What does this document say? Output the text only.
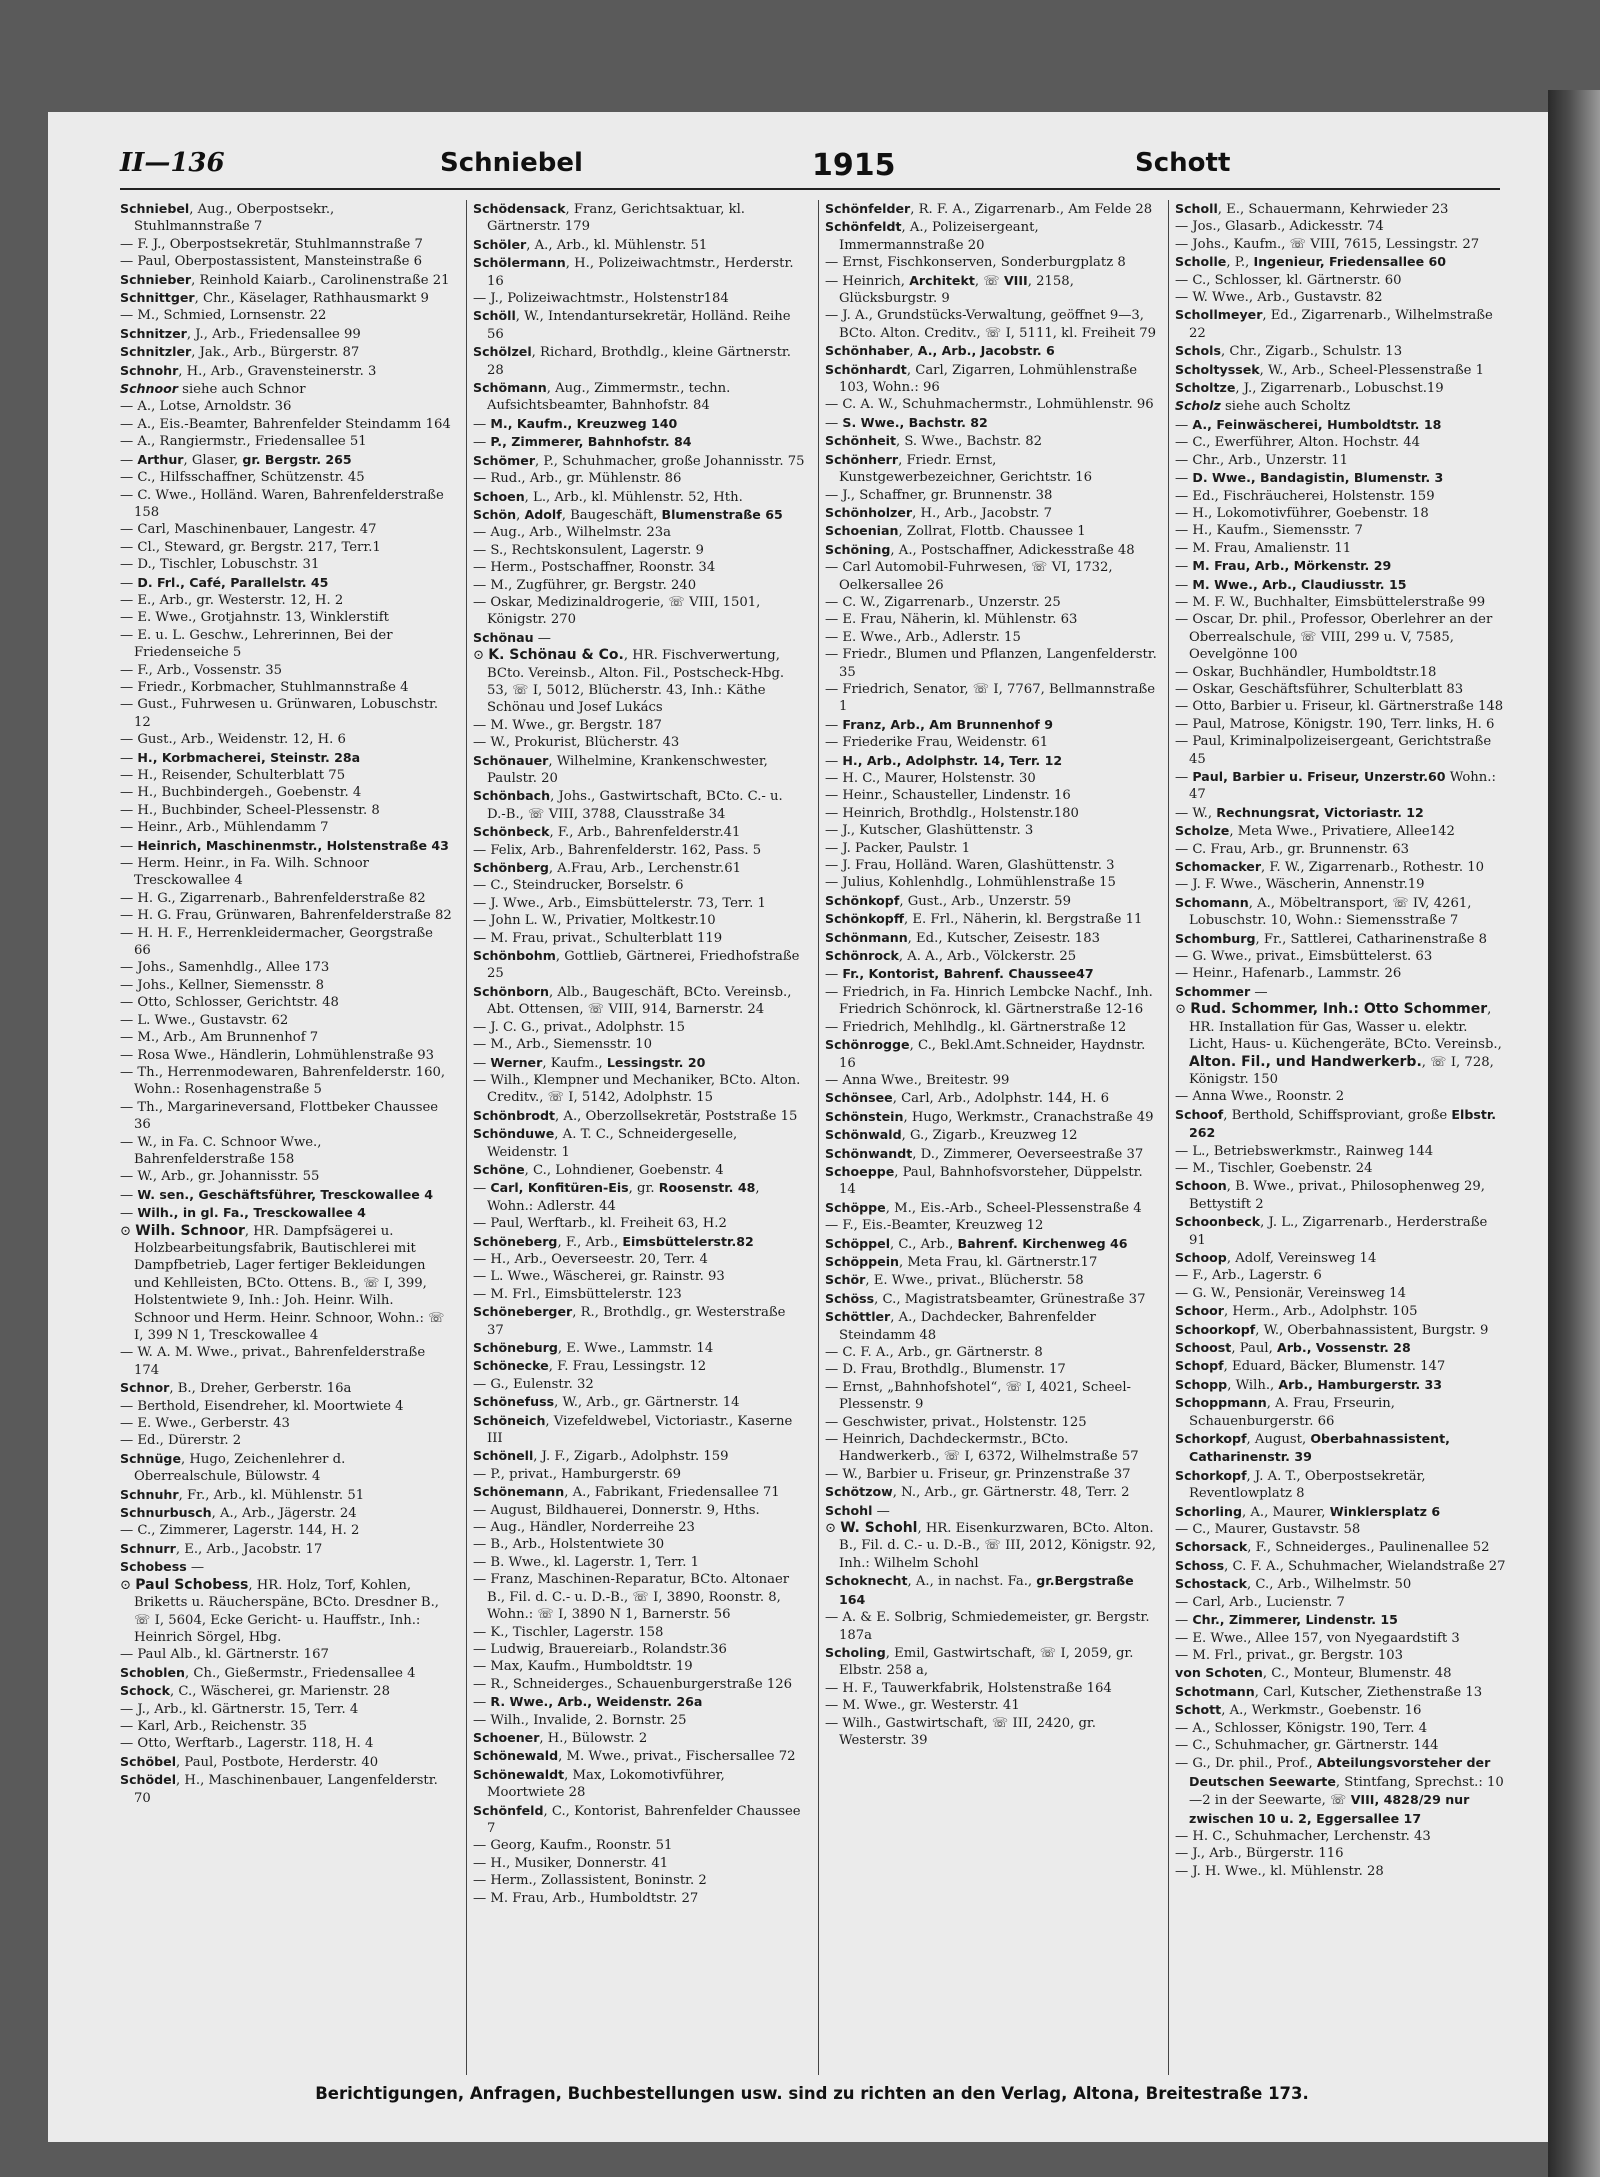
II—136	Schniebel	1915	Schott

Schniebel, Aug., Oberpostsekr., Stuhlmannstraße 7

— F. J., Oberpostsekretär, Stuhlmannstraße 7

— Paul, Oberpostassistent, Mansteinstraße 6

Schnieber, Reinhold Kaiarb., Carolinenstraße 21

Schnittger, Chr., Käselager, Rathhausmarkt 9

— M., Schmied, Lornsenstr. 22

Schnitzer, J., Arb., Friedensallee 99

Schnitzler, Jak., Arb., Bürgerstr. 87

Schnohr, H., Arb., Gravensteinerstr. 3

Schnoor siehe auch Schnor

— A., Lotse, Arnoldstr. 36

— A., Eis.-Beamter, Bahrenfelder Steindamm 164

— A., Rangiermstr., Friedensallee 51

— Arthur, Glaser, gr. Bergstr. 265

— C., Hilfsschaffner, Schützenstr. 45

— C. Wwe., Holländ. Waren, Bahrenfelderstraße 158

— Carl, Maschinenbauer, Langestr. 47

— Cl., Steward, gr. Bergstr. 217, Terr.1

— D., Tischler, Lobuschstr. 31

— D. Frl., Café, Parallelstr. 45

— E., Arb., gr. Westerstr. 12, H. 2

— E. Wwe., Grotjahnstr. 13, Winklerstift

— E. u. L. Geschw., Lehrerinnen, Bei der Friedenseiche 5

— F., Arb., Vossenstr. 35

— Friedr., Korbmacher, Stuhlmannstraße 4

— Gust., Fuhrwesen u. Grünwaren, Lobuschstr. 12

— Gust., Arb., Weidenstr. 12, H. 6

— H., Korbmacherei, Steinstr. 28a

— H., Reisender, Schulterblatt 75

— H., Buchbindergeh., Goebenstr. 4

— H., Buchbinder, Scheel-Plessenstr. 8

— Heinr., Arb., Mühlendamm 7

— Heinrich, Maschinenmstr., Holstenstraße 43

— Herm. Heinr., in Fa. Wilh. Schnoor Tresckowallee 4

— H. G., Zigarrenarb., Bahrenfelderstraße 82

— H. G. Frau, Grünwaren, Bahrenfelderstraße 82

— H. H. F., Herrenkleidermacher, Georgstraße 66

— Johs., Samenhdlg., Allee 173

— Johs., Kellner, Siemensstr. 8

— Otto, Schlosser, Gerichtstr. 48

— L. Wwe., Gustavstr. 62

— M., Arb., Am Brunnenhof 7

— Rosa Wwe., Händlerin, Lohmühlenstraße 93

— Th., Herrenmodewaren, Bahrenfelderstr. 160, Wohn.: Rosenhagenstraße 5

— Th., Margarineversand, Flottbeker Chaussee 36

— W., in Fa. C. Schnoor Wwe., Bahrenfelderstraße 158

— W., Arb., gr. Johannisstr. 55

— W. sen., Geschäftsführer, Tresckowallee 4

— Wilh., in gl. Fa., Tresckowallee 4

⊙ Wilh. Schnoor, HR. Dampfsägerei u. Holzbearbeitungsfabrik, Bautischlerei mit Dampfbetrieb, Lager fertiger Bekleidungen und Kehlleisten, BCto. Ottens. B., ☏ I, 399, Holstentwiete 9, Inh.: Joh. Heinr. Wilh. Schnoor und Herm. Heinr. Schnoor, Wohn.: ☏ I, 399 N 1, Tresckowallee 4

— W. A. M. Wwe., privat., Bahrenfelderstraße 174

Schnor, B., Dreher, Gerberstr. 16a

— Berthold, Eisendreher, kl. Moortwiete 4

— E. Wwe., Gerberstr. 43

— Ed., Dürerstr. 2

Schnüge, Hugo, Zeichenlehrer d. Oberrealschule, Bülowstr. 4

Schnuhr, Fr., Arb., kl. Mühlenstr. 51

Schnurbusch, A., Arb., Jägerstr. 24

— C., Zimmerer, Lagerstr. 144, H. 2

Schnurr, E., Arb., Jacobstr. 17

Schobess —

⊙ Paul Schobess, HR. Holz, Torf, Kohlen, Briketts u. Räucherspäne, BCto. Dresdner B., ☏ I, 5604, Ecke Gericht- u. Hauffstr., Inh.: Heinrich Sörgel, Hbg.

— Paul Alb., kl. Gärtnerstr. 167

Schoblen, Ch., Gießermstr., Friedensallee 4

Schock, C., Wäscherei, gr. Marienstr. 28

— J., Arb., kl. Gärtnerstr. 15, Terr. 4

— Karl, Arb., Reichenstr. 35

— Otto, Werftarb., Lagerstr. 118, H. 4

Schöbel, Paul, Postbote, Herderstr. 40

Schödel, H., Maschinenbauer, Langenfelderstr. 70

Schödensack, Franz, Gerichtsaktuar, kl. Gärtnerstr. 179

Schöler, A., Arb., kl. Mühlenstr. 51

Schölermann, H., Polizeiwachtmstr., Herderstr. 16

— J., Polizeiwachtmstr., Holstenstr184

Schöll, W., Intendantursekretär, Holländ. Reihe 56

Schölzel, Richard, Brothdlg., kleine Gärtnerstr. 28

Schömann, Aug., Zimmermstr., techn. Aufsichtsbeamter, Bahnhofstr. 84

— M., Kaufm., Kreuzweg 140

— P., Zimmerer, Bahnhofstr. 84

Schömer, P., Schuhmacher, große Johannisstr. 75

— Rud., Arb., gr. Mühlenstr. 86

Schoen, L., Arb., kl. Mühlenstr. 52, Hth.

Schön, Adolf, Baugeschäft, Blumenstraße 65

— Aug., Arb., Wilhelmstr. 23a

— S., Rechtskonsulent, Lagerstr. 9

— Herm., Postschaffner, Roonstr. 34

— M., Zugführer, gr. Bergstr. 240

— Oskar, Medizinaldrogerie, ☏ VIII, 1501, Königstr. 270

Schönau —

⊙ K. Schönau & Co., HR. Fischverwertung, BCto. Vereinsb., Alton. Fil., Postscheck-Hbg. 53, ☏ I, 5012, Blücherstr. 43, Inh.: Käthe Schönau und Josef Lukács

— M. Wwe., gr. Bergstr. 187

— W., Prokurist, Blücherstr. 43

Schönauer, Wilhelmine, Krankenschwester, Paulstr. 20

Schönbach, Johs., Gastwirtschaft, BCto. C.- u. D.-B., ☏ VIII, 3788, Clausstraße 34

Schönbeck, F., Arb., Bahrenfelderstr.41

— Felix, Arb., Bahrenfelderstr. 162, Pass. 5

Schönberg, A.Frau, Arb., Lerchenstr.61

— C., Steindrucker, Borselstr. 6

— J. Wwe., Arb., Eimsbüttelerstr. 73, Terr. 1

— John L. W., Privatier, Moltkestr.10

— M. Frau, privat., Schulterblatt 119

Schönbohm, Gottlieb, Gärtnerei, Friedhofstraße 25

Schönborn, Alb., Baugeschäft, BCto. Vereinsb., Abt. Ottensen, ☏ VIII, 914, Barnerstr. 24

— J. C. G., privat., Adolphstr. 15

— M., Arb., Siemensstr. 10

— Werner, Kaufm., Lessingstr. 20

— Wilh., Klempner und Mechaniker, BCto. Alton. Creditv., ☏ I, 5142, Adolphstr. 15

Schönbrodt, A., Oberzollsekretär, Poststraße 15

Schönduwe, A. T. C., Schneidergeselle, Weidenstr. 1

Schöne, C., Lohndiener, Goebenstr. 4

— Carl, Konfitüren-Eis, gr. Roosenstr. 48, Wohn.: Adlerstr. 44

— Paul, Werftarb., kl. Freiheit 63, H.2

Schöneberg, F., Arb., Eimsbüttelerstr.82

— H., Arb., Oeverseestr. 20, Terr. 4

— L. Wwe., Wäscherei, gr. Rainstr. 93

— M. Frl., Eimsbüttelerstr. 123

Schöneberger, R., Brothdlg., gr. Westerstraße 37

Schöneburg, E. Wwe., Lammstr. 14

Schönecke, F. Frau, Lessingstr. 12

— G., Eulenstr. 32

Schönefuss, W., Arb., gr. Gärtnerstr. 14

Schöneich, Vizefeldwebel, Victoriastr., Kaserne III

Schönell, J. F., Zigarb., Adolphstr. 159

— P., privat., Hamburgerstr. 69

Schönemann, A., Fabrikant, Friedensallee 71

— August, Bildhauerei, Donnerstr. 9, Hths.

— Aug., Händler, Norderreihe 23

— B., Arb., Holstentwiete 30

— B. Wwe., kl. Lagerstr. 1, Terr. 1

— Franz, Maschinen-Reparatur, BCto. Altonaer B., Fil. d. C.- u. D.-B., ☏ I, 3890, Roonstr. 8, Wohn.: ☏ I, 3890 N 1, Barnerstr. 56

— K., Tischler, Lagerstr. 158

— Ludwig, Brauereiarb., Rolandstr.36

— Max, Kaufm., Humboldtstr. 19

— R., Schneiderges., Schauenburgerstraße 126

— R. Wwe., Arb., Weidenstr. 26a

— Wilh., Invalide, 2. Bornstr. 25

Schoener, H., Bülowstr. 2

Schönewald, M. Wwe., privat., Fischersallee 72

Schönewaldt, Max, Lokomotivführer, Moortwiete 28

Schönfeld, C., Kontorist, Bahrenfelder Chaussee 7

— Georg, Kaufm., Roonstr. 51

— H., Musiker, Donnerstr. 41

— Herm., Zollassistent, Boninstr. 2

— M. Frau, Arb., Humboldtstr. 27

Schönfelder, R. F. A., Zigarrenarb., Am Felde 28

Schönfeldt, A., Polizeisergeant, Immermannstraße 20

— Ernst, Fischkonserven, Sonderburgplatz 8

— Heinrich, Architekt, ☏ VIII, 2158, Glücksburgstr. 9

— J. A., Grundstücks-Verwaltung, geöffnet 9—3, BCto. Alton. Creditv., ☏ I, 5111, kl. Freiheit 79

Schönhaber, A., Arb., Jacobstr. 6

Schönhardt, Carl, Zigarren, Lohmühlenstraße 103, Wohn.: 96

— C. A. W., Schuhmachermstr., Lohmühlenstr. 96

— S. Wwe., Bachstr. 82

Schönheit, S. Wwe., Bachstr. 82

Schönherr, Friedr. Ernst, Kunstgewerbezeichner, Gerichtstr. 16

— J., Schaffner, gr. Brunnenstr. 38

Schönholzer, H., Arb., Jacobstr. 7

Schoenian, Zollrat, Flottb. Chaussee 1

Schöning, A., Postschaffner, Adickesstraße 48

— Carl Automobil-Fuhrwesen, ☏ VI, 1732, Oelkersallee 26

— C. W., Zigarrenarb., Unzerstr. 25

— E. Frau, Näherin, kl. Mühlenstr. 63

— E. Wwe., Arb., Adlerstr. 15

— Friedr., Blumen und Pflanzen, Langenfelderstr. 35

— Friedrich, Senator, ☏ I, 7767, Bellmannstraße 1

— Franz, Arb., Am Brunnenhof 9

— Friederike Frau, Weidenstr. 61

— H., Arb., Adolphstr. 14, Terr. 12

— H. C., Maurer, Holstenstr. 30

— Heinr., Schausteller, Lindenstr. 16

— Heinrich, Brothdlg., Holstenstr.180

— J., Kutscher, Glashüttenstr. 3

— J. Packer, Paulstr. 1

— J. Frau, Holländ. Waren, Glashüttenstr. 3

— Julius, Kohlenhdlg., Lohmühlenstraße 15

Schönkopf, Gust., Arb., Unzerstr. 59

Schönkopff, E. Frl., Näherin, kl. Bergstraße 11

Schönmann, Ed., Kutscher, Zeisestr. 183

Schönrock, A. A., Arb., Völckerstr. 25

— Fr., Kontorist, Bahrenf. Chaussee47

— Friedrich, in Fa. Hinrich Lembcke Nachf., Inh. Friedrich Schönrock, kl. Gärtnerstraße 12-16

— Friedrich, Mehlhdlg., kl. Gärtnerstraße 12

Schönrogge, C., Bekl.Amt.Schneider, Haydnstr. 16

— Anna Wwe., Breitestr. 99

Schönsee, Carl, Arb., Adolphstr. 144, H. 6

Schönstein, Hugo, Werkmstr., Cranachstraße 49

Schönwald, G., Zigarb., Kreuzweg 12

Schönwandt, D., Zimmerer, Oeverseestraße 37

Schoeppe, Paul, Bahnhofsvorsteher, Düppelstr. 14

Schöppe, M., Eis.-Arb., Scheel-Plessenstraße 4

— F., Eis.-Beamter, Kreuzweg 12

Schöppel, C., Arb., Bahrenf. Kirchenweg 46

Schöppein, Meta Frau, kl. Gärtnerstr.17

Schör, E. Wwe., privat., Blücherstr. 58

Schöss, C., Magistratsbeamter, Grünestraße 37

Schöttler, A., Dachdecker, Bahrenfelder Steindamm 48

— C. F. A., Arb., gr. Gärtnerstr. 8

— D. Frau, Brothdlg., Blumenstr. 17

— Ernst, „Bahnhofshotel“, ☏ I, 4021, Scheel-Plessenstr. 9

— Geschwister, privat., Holstenstr. 125

— Heinrich, Dachdeckermstr., BCto. Handwerkerb., ☏ I, 6372, Wilhelmstraße 57

— W., Barbier u. Friseur, gr. Prinzenstraße 37

Schötzow, N., Arb., gr. Gärtnerstr. 48, Terr. 2

Schohl —

⊙ W. Schohl, HR. Eisenkurzwaren, BCto. Alton. B., Fil. d. C.- u. D.-B., ☏ III, 2012, Königstr. 92, Inh.: Wilhelm Schohl

Schoknecht, A., in nachst. Fa., gr.Bergstraße 164

— A. & E. Solbrig, Schmiedemeister, gr. Bergstr. 187a

Scholing, Emil, Gastwirtschaft, ☏ I, 2059, gr. Elbstr. 258 a,

— H. F., Tauwerkfabrik, Holstenstraße 164

— M. Wwe., gr. Westerstr. 41

— Wilh., Gastwirtschaft, ☏ III, 2420, gr. Westerstr. 39

Scholl, E., Schauermann, Kehrwieder 23

— Jos., Glasarb., Adickesstr. 74

— Johs., Kaufm., ☏ VIII, 7615, Lessingstr. 27

Scholle, P., Ingenieur, Friedensallee 60

— C., Schlosser, kl. Gärtnerstr. 60

— W. Wwe., Arb., Gustavstr. 82

Schollmeyer, Ed., Zigarrenarb., Wilhelmstraße 22

Schols, Chr., Zigarb., Schulstr. 13

Scholtyssek, W., Arb., Scheel-Plessenstraße 1

Scholtze, J., Zigarrenarb., Lobuschst.19

Scholz siehe auch Scholtz

— A., Feinwäscherei, Humboldtstr. 18

— C., Ewerführer, Alton. Hochstr. 44

— Chr., Arb., Unzerstr. 11

— D. Wwe., Bandagistin, Blumenstr. 3

— Ed., Fischräucherei, Holstenstr. 159

— H., Lokomotivführer, Goebenstr. 18

— H., Kaufm., Siemensstr. 7

— M. Frau, Amalienstr. 11

— M. Frau, Arb., Mörkenstr. 29

— M. Wwe., Arb., Claudiusstr. 15

— M. F. W., Buchhalter, Eimsbüttelerstraße 99

— Oscar, Dr. phil., Professor, Oberlehrer an der Oberrealschule, ☏ VIII, 299 u. V, 7585, Oevelgönne 100

— Oskar, Buchhändler, Humboldtstr.18

— Oskar, Geschäftsführer, Schulterblatt 83

— Otto, Barbier u. Friseur, kl. Gärtnerstraße 148

— Paul, Matrose, Königstr. 190, Terr. links, H. 6

— Paul, Kriminalpolizeisergeant, Gerichtstraße 45

— Paul, Barbier u. Friseur, Unzerstr.60 Wohn.: 47

— W., Rechnungsrat, Victoriastr. 12

Scholze, Meta Wwe., Privatiere, Allee142

— C. Frau, Arb., gr. Brunnenstr. 63

Schomacker, F. W., Zigarrenarb., Rothestr. 10

— J. F. Wwe., Wäscherin, Annenstr.19

Schomann, A., Möbeltransport, ☏ IV, 4261, Lobuschstr. 10, Wohn.: Siemensstraße 7

Schomburg, Fr., Sattlerei, Catharinenstraße 8

— G. Wwe., privat., Eimsbüttelerst. 63

— Heinr., Hafenarb., Lammstr. 26

Schommer —

⊙ Rud. Schommer, Inh.: Otto Schommer, HR. Installation für Gas, Wasser u. elektr. Licht, Haus- u. Küchengeräte, BCto. Vereinsb., Alton. Fil., und Handwerkerb., ☏ I, 728, Königstr. 150

— Anna Wwe., Roonstr. 2

Schoof, Berthold, Schiffsproviant, große Elbstr. 262

— L., Betriebswerkmstr., Rainweg 144

— M., Tischler, Goebenstr. 24

Schoon, B. Wwe., privat., Philosophenweg 29, Bettystift 2

Schoonbeck, J. L., Zigarrenarb., Herderstraße 91

Schoop, Adolf, Vereinsweg 14

— F., Arb., Lagerstr. 6

— G. W., Pensionär, Vereinsweg 14

Schoor, Herm., Arb., Adolphstr. 105

Schoorkopf, W., Oberbahnassistent, Burgstr. 9

Schoost, Paul, Arb., Vossenstr. 28

Schopf, Eduard, Bäcker, Blumenstr. 147

Schopp, Wilh., Arb., Hamburgerstr. 33

Schoppmann, A. Frau, Frseurin, Schauenburgerstr. 66

Schorkopf, August, Oberbahnassistent, Catharinenstr. 39

Schorkopf, J. A. T., Oberpostsekretär, Reventlowplatz 8

Schorling, A., Maurer, Winklersplatz 6

— C., Maurer, Gustavstr. 58

Schorsack, F., Schneiderges., Paulinenallee 52

Schoss, C. F. A., Schuhmacher, Wielandstraße 27

Schostack, C., Arb., Wilhelmstr. 50

— Carl, Arb., Lucienstr. 7

— Chr., Zimmerer, Lindenstr. 15

— E. Wwe., Allee 157, von Nyegaardstift 3

— M. Frl., privat., gr. Bergstr. 103

von Schoten, C., Monteur, Blumenstr. 48

Schotmann, Carl, Kutscher, Ziethenstraße 13

Schott, A., Werkmstr., Goebenstr. 16

— A., Schlosser, Königstr. 190, Terr. 4

— C., Schuhmacher, gr. Gärtnerstr. 144

— G., Dr. phil., Prof., Abteilungsvorsteher der Deutschen Seewarte, Stintfang, Sprechst.: 10—2 in der Seewarte, ☏ VIII, 4828/29 nur zwischen 10 u. 2, Eggersallee 17

— H. C., Schuhmacher, Lerchenstr. 43

— J., Arb., Bürgerstr. 116

— J. H. Wwe., kl. Mühlenstr. 28

Berichtigungen, Anfragen, Buchbestellungen usw. sind zu richten an den Verlag, Altona, Breitestraße 173.
